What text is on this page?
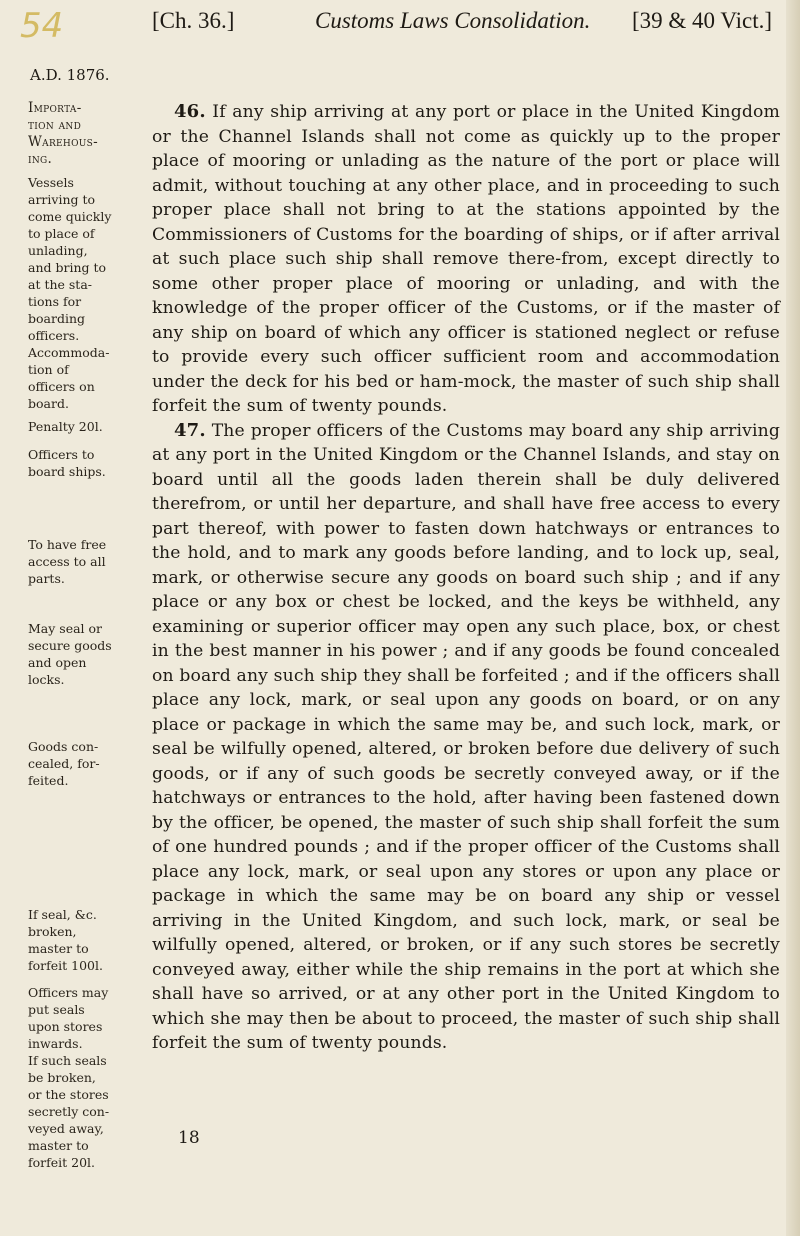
54	[Ch. 36.]	Customs Laws Consolidation. [39 & 40 Vict.]
A.D. 1876.
Importa-
tion and
Warehous-
ing.
Vessels
arriving to
come quickly
to place of
unlading,
and bring to
at the sta-
tions for
boarding
officers.
Accommoda-
tion of
officers on
board.
Penalty 20l.
Officers to
board ships.
To have free
access to all
parts.
May seal or
secure goods
and open
locks.
Goods con-
cealed, for-
feited.
If seal, &c.
broken,
master to
forfeit 100l.
Officers may
put seals
upon stores
inwards.
If such seals
be broken,
or the stores
secretly con-
veyed away,
master to
forfeit 20l.

46. If any ship arriving at any port or place in the United Kingdom or the Channel Islands shall not come as quickly up to the proper place of mooring or unlading as the nature of the port or place will admit, without touching at any other place, and in proceeding to such proper place shall not bring to at the stations appointed by the Commissioners of Customs for the boarding of ships, or if after arrival at such place such ship shall remove there-from, except directly to some other proper place of mooring or unlading, and with the knowledge of the proper officer of the Customs, or if the master of any ship on board of which any officer is stationed neglect or refuse to provide every such officer sufficient room and accommodation under the deck for his bed or ham-mock, the master of such ship shall forfeit the sum of twenty pounds.

47. The proper officers of the Customs may board any ship arriving at any port in the United Kingdom or the Channel Islands, and stay on board until all the goods laden therein shall be duly delivered therefrom, or until her departure, and shall have free access to every part thereof, with power to fasten down hatchways or entrances to the hold, and to mark any goods before landing, and to lock up, seal, mark, or otherwise secure any goods on board such ship ; and if any place or any box or chest be locked, and the keys be withheld, any examining or superior officer may open any such place, box, or chest in the best manner in his power ; and if any goods be found concealed on board any such ship they shall be forfeited ; and if the officers shall place any lock, mark, or seal upon any goods on board, or on any place or package in which the same may be, and such lock, mark, or seal be wilfully opened, altered, or broken before due delivery of such goods, or if any of such goods be secretly conveyed away, or if the hatchways or entrances to the hold, after having been fastened down by the officer, be opened, the master of such ship shall forfeit the sum of one hundred pounds ; and if the proper officer of the Customs shall place any lock, mark, or seal upon any stores or upon any place or package in which the same may be on board any ship or vessel arriving in the United Kingdom, and such lock, mark, or seal be wilfully opened, altered, or broken, or if any such stores be secretly conveyed away, either while the ship remains in the port at which she shall have so arrived, or at any other port in the United Kingdom to which she may then be about to proceed, the master of such ship shall forfeit the sum of twenty pounds.

18
